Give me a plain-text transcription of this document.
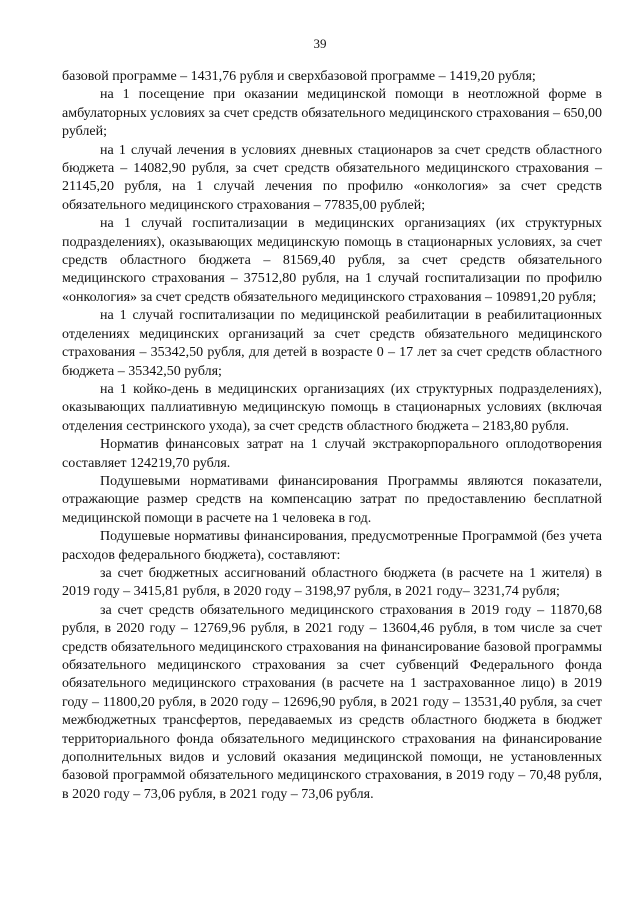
39

базовой программе – 1431,76 рубля и сверхбазовой программе – 1419,20 рубля;

на 1 посещение при оказании медицинской помощи в неотложной форме в амбулаторных условиях за счет средств обязательного медицинского страхования – 650,00 рублей;

на 1 случай лечения в условиях дневных стационаров за счет средств областного бюджета – 14082,90 рубля, за счет средств обязательного медицинского страхования – 21145,20 рубля, на 1 случай лечения по профилю «онкология» за счет средств обязательного медицинского страхования – 77835,00 рублей;

на 1 случай госпитализации в медицинских организациях (их структурных подразделениях), оказывающих медицинскую помощь в стационарных условиях, за счет средств областного бюджета – 81569,40 рубля, за счет средств обязательного медицинского страхования – 37512,80 рубля, на 1 случай госпитализации по профилю «онкология» за счет средств обязательного медицинского страхования – 109891,20 рубля;

на 1 случай госпитализации по медицинской реабилитации в реабилитационных отделениях медицинских организаций за счет средств обязательного медицинского страхования – 35342,50 рубля, для детей в возрасте 0 – 17 лет за счет средств областного бюджета – 35342,50 рубля;

на 1 койко-день в медицинских организациях (их структурных подразделениях), оказывающих паллиативную медицинскую помощь в стационарных условиях (включая отделения сестринского ухода), за счет средств областного бюджета – 2183,80 рубля.

Норматив финансовых затрат на 1 случай экстракорпорального оплодотворения составляет 124219,70 рубля.

Подушевыми нормативами финансирования Программы являются показатели, отражающие размер средств на компенсацию затрат по предоставлению бесплатной медицинской помощи в расчете на 1 человека в год.

Подушевые нормативы финансирования, предусмотренные Программой (без учета расходов федерального бюджета), составляют:

за счет бюджетных ассигнований областного бюджета (в расчете на 1 жителя) в 2019 году – 3415,81 рубля, в 2020 году – 3198,97 рубля, в 2021 году– 3231,74 рубля;

за счет средств обязательного медицинского страхования в 2019 году – 11870,68 рубля, в 2020 году – 12769,96 рубля, в 2021 году – 13604,46 рубля, в том числе за счет средств обязательного медицинского страхования на финансирование базовой программы обязательного медицинского страхования за счет субвенций Федерального фонда обязательного медицинского страхования (в расчете на 1 застрахованное лицо) в 2019 году – 11800,20 рубля, в 2020 году – 12696,90 рубля, в 2021 году – 13531,40 рубля, за счет межбюджетных трансфертов, передаваемых из средств областного бюджета в бюджет территориального фонда обязательного медицинского страхования на финансирование дополнительных видов и условий оказания медицинской помощи, не установленных базовой программой обязательного медицинского страхования, в 2019 году – 70,48 рубля, в 2020 году – 73,06 рубля, в 2021 году – 73,06 рубля.
